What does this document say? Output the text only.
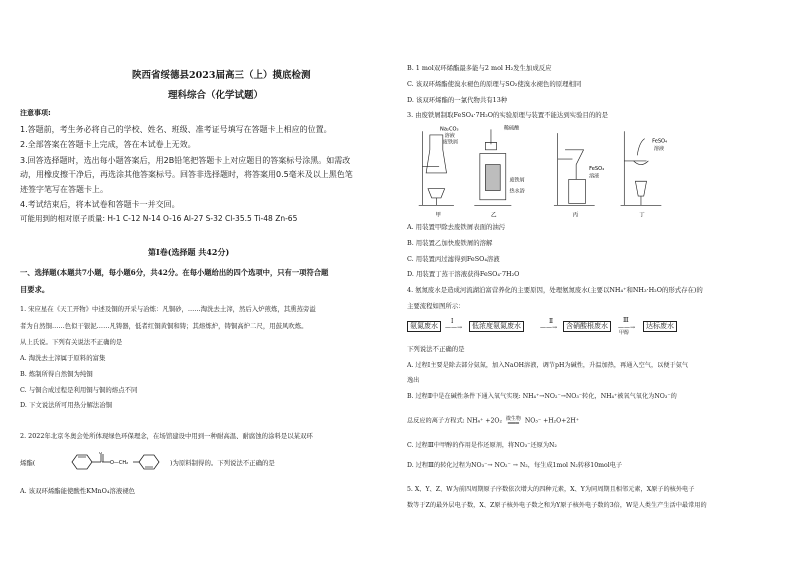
陕西省绥德县2023届高三（上）摸底检测
理科综合（化学试题）
注意事项:
1.答题前，考生务必将自己的学校、姓名、班级、准考证号填写在答题卡上相应的位置。
2.全部答案在答题卡上完成，答在本试卷上无效。
3.回答选择题时，选出每小题答案后，用2B铅笔把答题卡上对应题目的答案标号涂黑。如需改
动，用橡皮擦干净后，再选涂其他答案标号。回答非选择题时，将答案用0.5毫米及以上黑色笔
迹签字笔写在答题卡上。
4.考试结束后，将本试卷和答题卡一并交回。
可能用到的相对原子质量: H-1 C-12 N-14 O-16 Al-27 S-32 Cl-35.5 Ti-48 Zn-65
第Ⅰ卷(选择题 共42分)
一、选择题(本题共7小题，每小题6分，共42分。在每小题给出的四个选项中，只有一项符合题
目要求。
1. 宋应星在《天工开物》中述及铜的开采与冶炼：凡铜砂，……淘洗去土滓，然后入炉煎炼，其熏蒸旁溢
者为自然铜……色似干银泥……凡铸器，低者红铜黄铜和铸；其熔炼炉，铸铜高炉二尺，用鼓风吹炼。
从上氏说。下列有关说法不正确的是
A. 淘洗去土滓属于原料的富集
B. 炼制所得自然铜为纯铜
C. 与铜合成过程是利用铜与铜的熔点不同
D. 下文说法所可用热分解法冶铜
2. 2022年北京冬奥会处所体现绿色环保理念，在场馆建设中用到一种耐高温、耐腐蚀的涂料是以某双环
烯酯(
O
O—CH₂	)为原料制得的。下列说法不正确的是
A. 该双环烯酯能使酸性KMnO₄溶液褪色
B. 1 mol双环烯酯最多能与2 mol H₂发生加成反应
C. 该双环烯酯使溴水褪色的原理与SO₂使溴水褪色的原理相同
D. 该双环烯酯的一氯代物共有13种
3. 由废铁屑制取FeSO₄·7H₂O的实验原理与装置不能达到实验目的的是
Na₂CO₃
溶液
废铁屑
甲
稀硫酸
废铁屑
热水浴
乙
FeSO₄
溶液
丙
FeSO₄
溶液
丁
A. 用装置甲除去废铁屑表面的油污
B. 用装置乙加快废铁屑的溶解
C. 用装置丙过滤得到FeSO₄溶液
D. 用装置丁蒸干溶液获得FeSO₄·7H₂O
4. 氨氮废水是造成河流湖泊富营养化的主要原因，处理氨氮废水(主要以NH₄⁺和NH₃·H₂O的形式存在)的
主要流程如图所示：
氨氮废水
Ⅰ
——→	低浓度氨氮废水
Ⅱ
——→	含硝酸根废水
Ⅲ
——→
甲醇
达标废水
下列说法不正确的是
A. 过程Ⅰ主要是除去部分氨氮，加入NaOH溶液，调节pH为碱性，升温加热，再通入空气，以便于氨气
逸出
B. 过程Ⅱ中是在碱性条件下通入氧气实现: NH₄⁺→NO₂⁻→NO₃⁻转化，NH₄⁺被氧气氧化为NO₃⁻的
总反应的离子方程式: NH₄⁺ +2O₂ 微生物
═══ NO₃⁻ +H₂O+2H⁺
C. 过程Ⅲ中甲醇的作用是作还原剂，将NO₃⁻还原为N₂
D. 过程Ⅲ的转化过程为NO₃⁻→ NO₂⁻ → N₂，每生成1mol N₂转移10mol电子
5. X、Y、Z、W为前四周期原子序数依次增大的四种元素，X、Y为同周期且相邻元素，X原子的核外电子
数等于Z的最外层电子数，X、Z原子核外电子数之和为Y原子核外电子数的3倍，W是人类生产生活中最常用的
